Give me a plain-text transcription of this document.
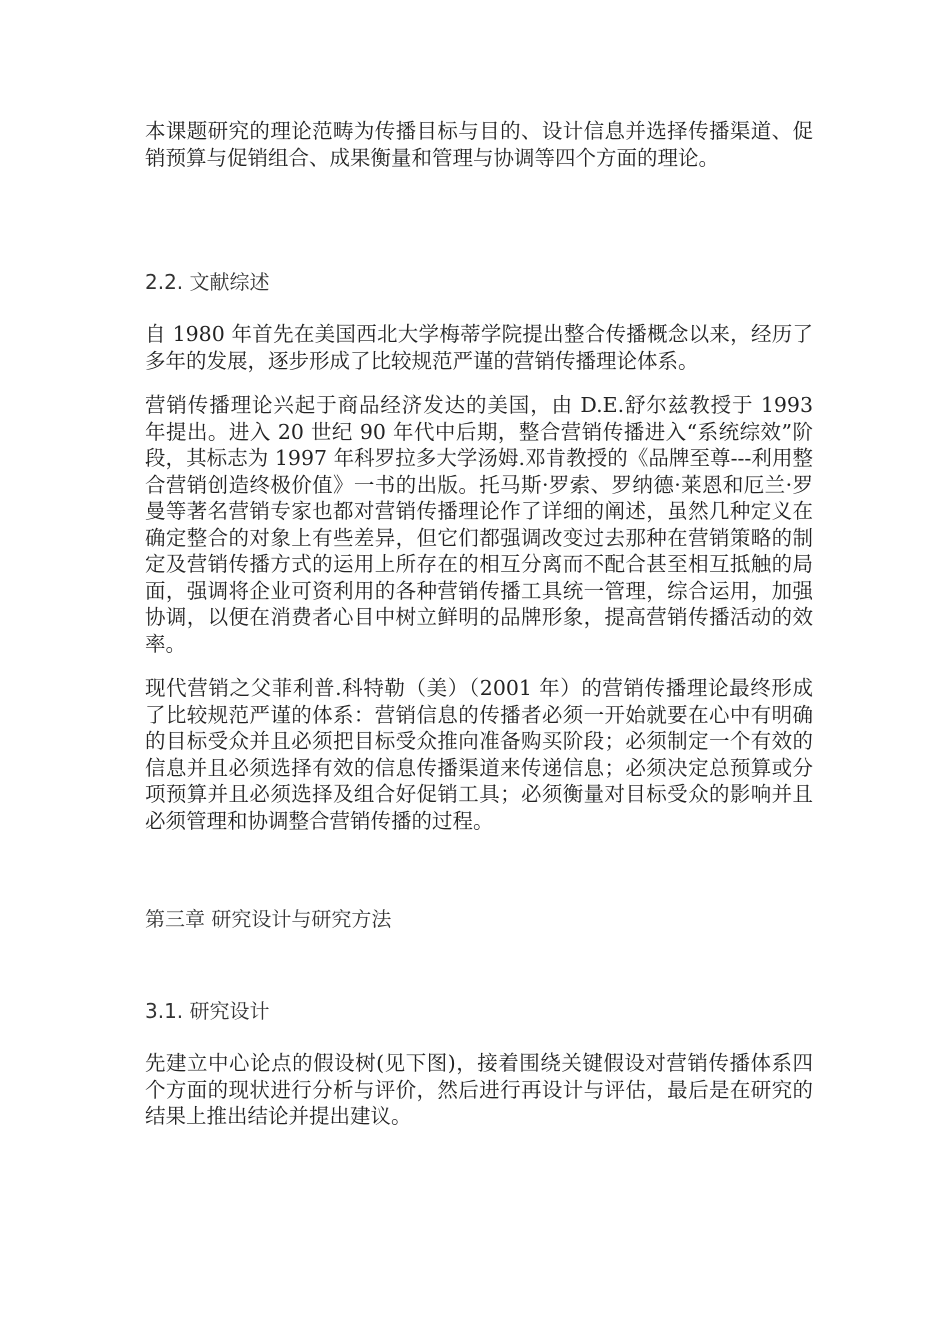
本课题研究的理论范畴为传播目标与目的、设计信息并选择传播渠道、促销预算与促销组合、成果衡量和管理与协调等四个方面的理论。

2.2. 文献综述

自 1980 年首先在美国西北大学梅蒂学院提出整合传播概念以来，经历了多年的发展，逐步形成了比较规范严谨的营销传播理论体系。

营销传播理论兴起于商品经济发达的美国，由 D.E.舒尔兹教授于 1993 年提出。进入 20 世纪 90 年代中后期，整合营销传播进入“系统综效”阶段，其标志为 1997 年科罗拉多大学汤姆.邓肯教授的《品牌至尊---利用整合营销创造终极价值》一书的出版。托马斯·罗索、罗纳德·莱恩和厄兰·罗曼等著名营销专家也都对营销传播理论作了详细的阐述，虽然几种定义在确定整合的对象上有些差异，但它们都强调改变过去那种在营销策略的制定及营销传播方式的运用上所存在的相互分离而不配合甚至相互抵触的局面，强调将企业可资利用的各种营销传播工具统一管理，综合运用，加强协调，以便在消费者心目中树立鲜明的品牌形象，提高营销传播活动的效率。

现代营销之父菲利普.科特勒（美）（2001 年）的营销传播理论最终形成了比较规范严谨的体系：营销信息的传播者必须一开始就要在心中有明确的目标受众并且必须把目标受众推向准备购买阶段；必须制定一个有效的信息并且必须选择有效的信息传播渠道来传递信息；必须决定总预算或分项预算并且必须选择及组合好促销工具；必须衡量对目标受众的影响并且必须管理和协调整合营销传播的过程。

第三章 研究设计与研究方法

3.1. 研究设计

先建立中心论点的假设树(见下图)，接着围绕关键假设对营销传播体系四个方面的现状进行分析与评价，然后进行再设计与评估，最后是在研究的结果上推出结论并提出建议。
